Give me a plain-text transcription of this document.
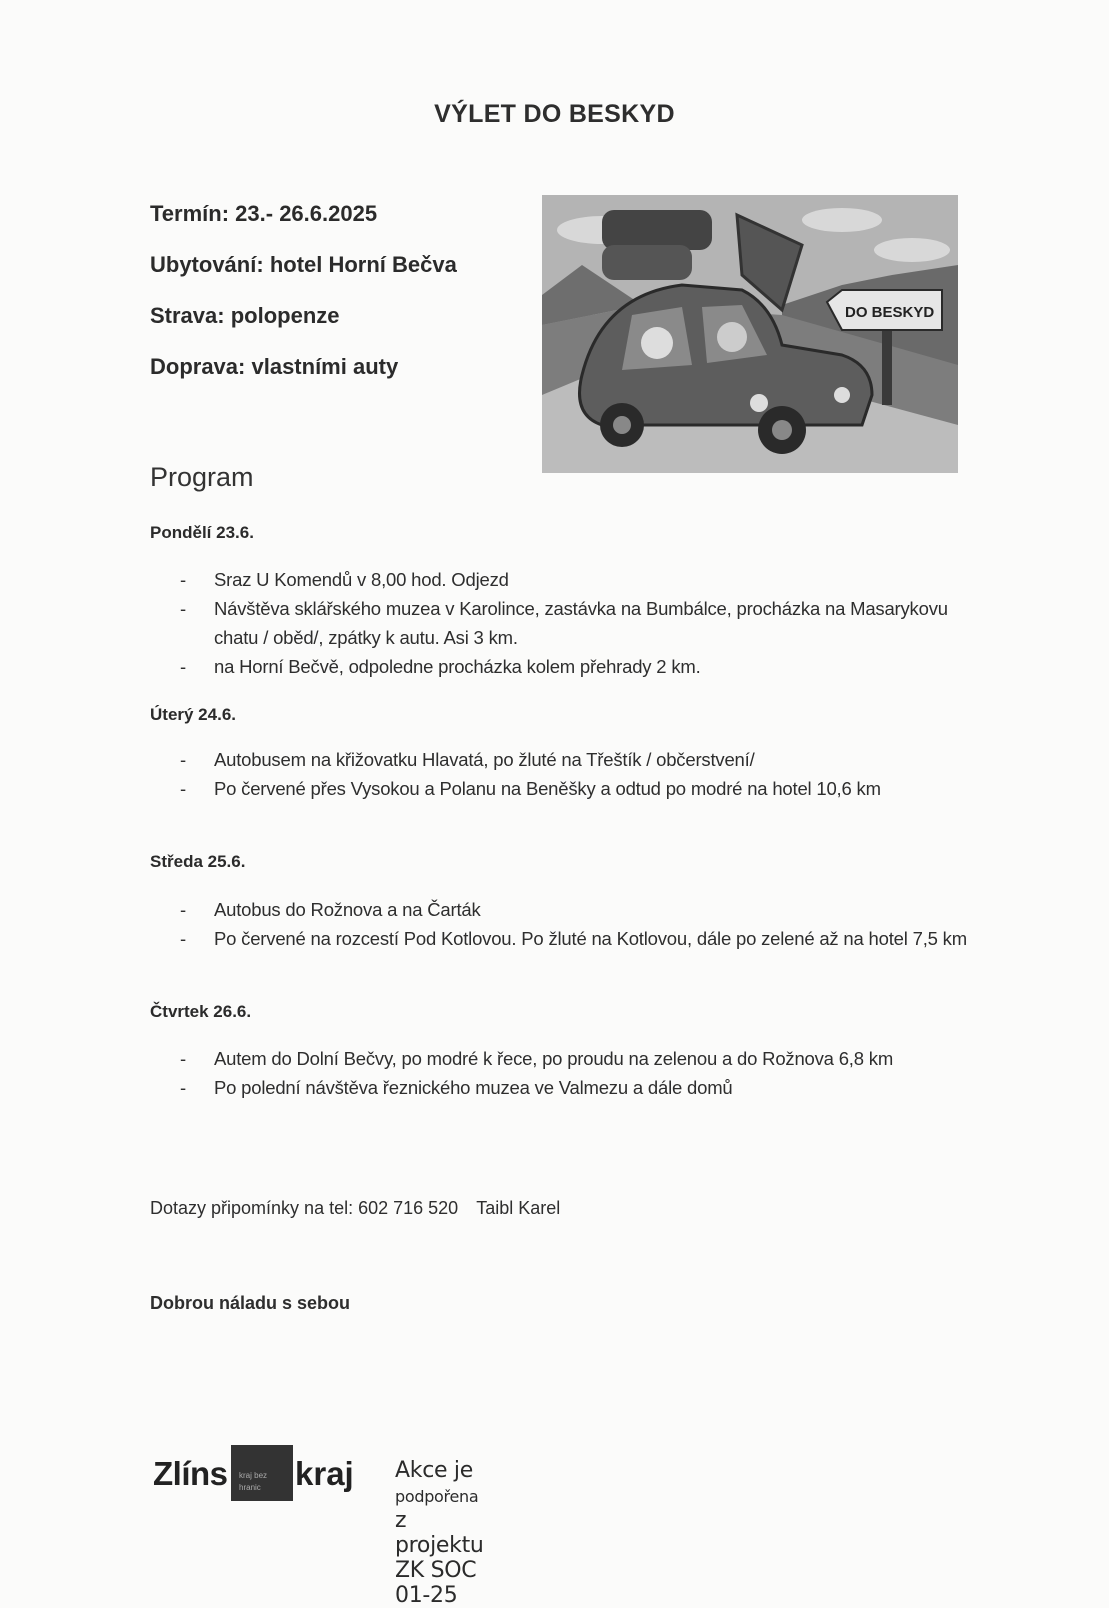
VÝLET DO BESKYD
Termín: 23.- 26.6.2025
Ubytování: hotel Horní Bečva
Strava: polopenze
Doprava: vlastními auty
DO BESKYD
Program
Pondělí 23.6.
- Sraz U Komendů v 8,00 hod. Odjezd
- Návštěva sklářského muzea v Karolince, zastávka na Bumbálce, procházka na Masarykovu chatu / oběd/, zpátky k autu. Asi 3 km.
- na Horní Bečvě, odpoledne procházka kolem přehrady 2 km.
Úterý 24.6.
- Autobusem na křižovatku Hlavatá, po žluté na Třeštík / občerstvení/
- Po červené přes Vysokou a Polanu na Beněšky a odtud po modré na hotel 10,6 km
Středa 25.6.
- Autobus do Rožnova a na Čarták
- Po červené na rozcestí Pod Kotlovou. Po žluté na Kotlovou, dále po zelené až na hotel 7,5 km
Čtvrtek 26.6.
- Autem do Dolní Bečvy, po modré k řece, po proudu na zelenou a do Rožnova 6,8 km
- Po polední návštěva řeznického muzea ve Valmezu a dále domů
Dotazy připomínky na tel: 602 716 520 Taibl Karel
Dobrou náladu s sebou
Zlíns kraj bez
hranic kraj Akce je podpořena z projektu ZK SOC 01-25
